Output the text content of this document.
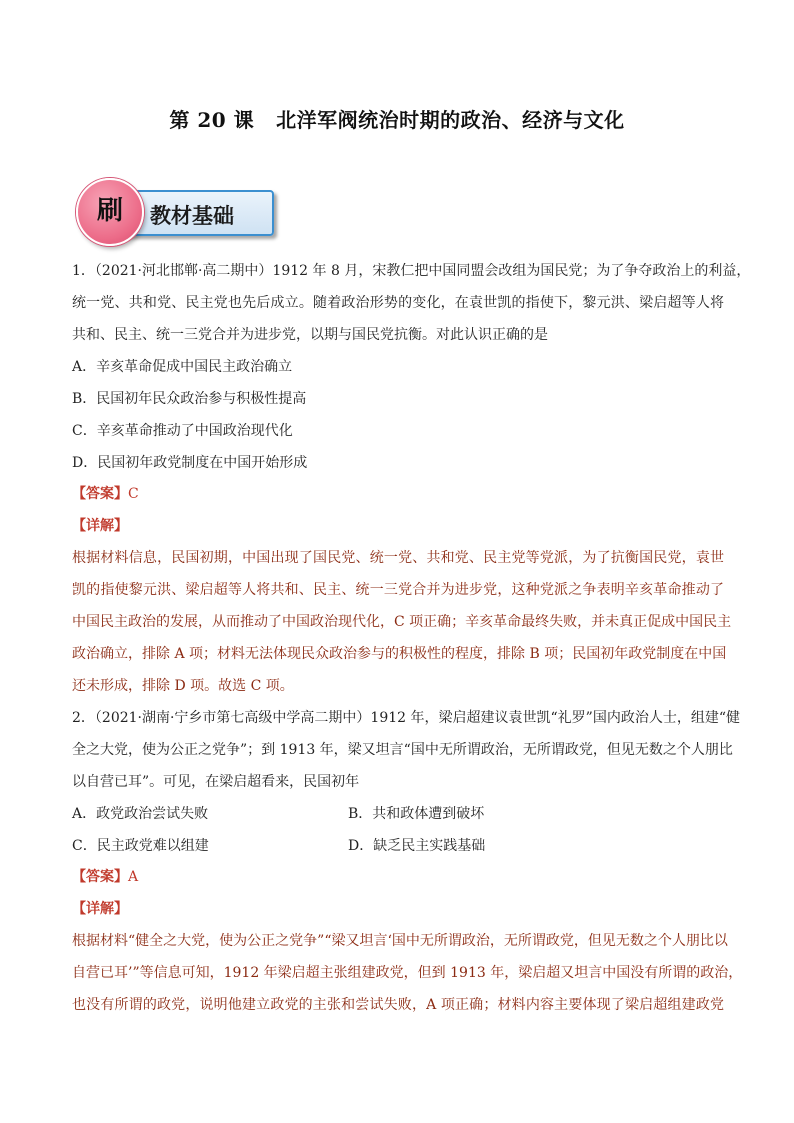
第 20 课 北洋军阀统治时期的政治、经济与文化
教材基础
刷
1．（2021·河北邯郸·高二期中）1912 年 8 月，宋教仁把中国同盟会改组为国民党；为了争夺政治上的利益，
统一党、共和党、民主党也先后成立。随着政治形势的变化，在袁世凯的指使下，黎元洪、梁启超等人将
共和、民主、统一三党合并为进步党，以期与国民党抗衡。对此认识正确的是
A．辛亥革命促成中国民主政治确立
B．民国初年民众政治参与积极性提高
C．辛亥革命推动了中国政治现代化
D．民国初年政党制度在中国开始形成
【答案】C
【详解】
根据材料信息，民国初期，中国出现了国民党、统一党、共和党、民主党等党派，为了抗衡国民党，袁世
凯的指使黎元洪、梁启超等人将共和、民主、统一三党合并为进步党，这种党派之争表明辛亥革命推动了
中国民主政治的发展，从而推动了中国政治现代化，C 项正确；辛亥革命最终失败，并未真正促成中国民主
政治确立，排除 A 项；材料无法体现民众政治参与的积极性的程度，排除 B 项；民国初年政党制度在中国
还未形成，排除 D 项。故选 C 项。
2．（2021·湖南·宁乡市第七高级中学高二期中）1912 年，梁启超建议袁世凯“礼罗”国内政治人士，组建“健
全之大党，使为公正之党争”；到 1913 年，梁又坦言“国中无所谓政治，无所谓政党，但见无数之个人朋比
以自营已耳”。可见，在梁启超看来，民国初年
A．政党政治尝试失败	B．共和政体遭到破坏
C．民主政党难以组建	D．缺乏民主实践基础
【答案】A
【详解】
根据材料“健全之大党，使为公正之党争”“梁又坦言‘国中无所谓政治，无所谓政党，但见无数之个人朋比以
自营已耳’”等信息可知，1912 年梁启超主张组建政党，但到 1913 年，梁启超又坦言中国没有所谓的政治，
也没有所谓的政党，说明他建立政党的主张和尝试失败，A 项正确；材料内容主要体现了梁启超组建政党
